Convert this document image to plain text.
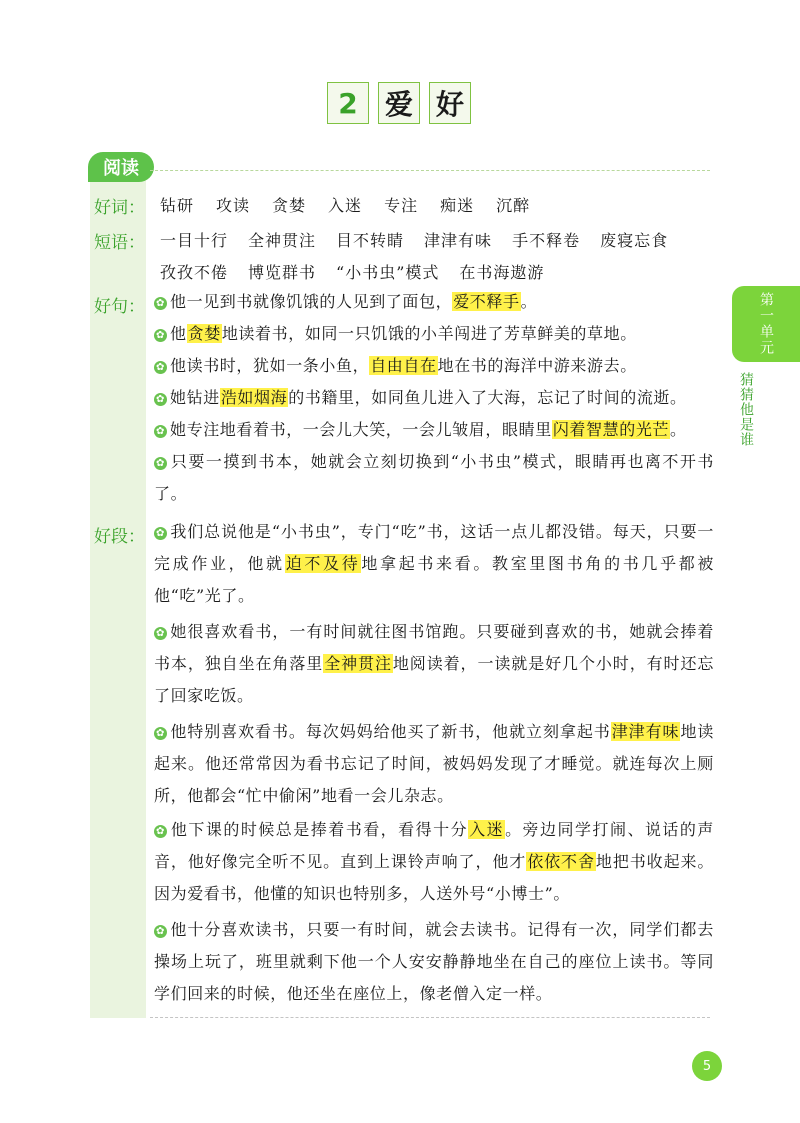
2 爱 好
阅读
好词： 钻研 攻读 贪婪 入迷 专注 痴迷 沉醉
短语： 一目十行 全神贯注 目不转睛 津津有味 手不释卷 废寝忘食
孜孜不倦 博览群书 “小书虫”模式 在书海遨游
好句：	✿ 他一见到书就像饥饿的人见到了面包，爱不释手。
✿ 他贪婪地读着书，如同一只饥饿的小羊闯进了芳草鲜美的草地。
✿ 他读书时，犹如一条小鱼，自由自在地在书的海洋中游来游去。
✿ 她钻进浩如烟海的书籍里，如同鱼儿进入了大海，忘记了时间的流逝。
✿ 她专注地看着书，一会儿大笑，一会儿皱眉，眼睛里闪着智慧的光芒。
✿ 只要一摸到书本，她就会立刻切换到“小书虫”模式，眼睛再也离不开书了。
好段：	✿ 我们总说他是“小书虫”，专门“吃”书，这话一点儿都没错。每天，只要一完成作业，他就迫不及待地拿起书来看。教室里图书角的书几乎都被他“吃”光了。
✿ 她很喜欢看书，一有时间就往图书馆跑。只要碰到喜欢的书，她就会捧着书本，独自坐在角落里全神贯注地阅读着，一读就是好几个小时，有时还忘了回家吃饭。
✿ 他特别喜欢看书。每次妈妈给他买了新书，他就立刻拿起书津津有味地读起来。他还常常因为看书忘记了时间，被妈妈发现了才睡觉。就连每次上厕所，他都会“忙中偷闲”地看一会儿杂志。
✿ 他下课的时候总是捧着书看，看得十分入迷。旁边同学打闹、说话的声音，他好像完全听不见。直到上课铃声响了，他才依依不舍地把书收起来。因为爱看书，他懂的知识也特别多，人送外号“小博士”。
✿ 他十分喜欢读书，只要一有时间，就会去读书。记得有一次，同学们都去操场上玩了，班里就剩下他一个人安安静静地坐在自己的座位上读书。等同学们回来的时候，他还坐在座位上，像老僧入定一样。
第一单元
猜猜他是谁
5
